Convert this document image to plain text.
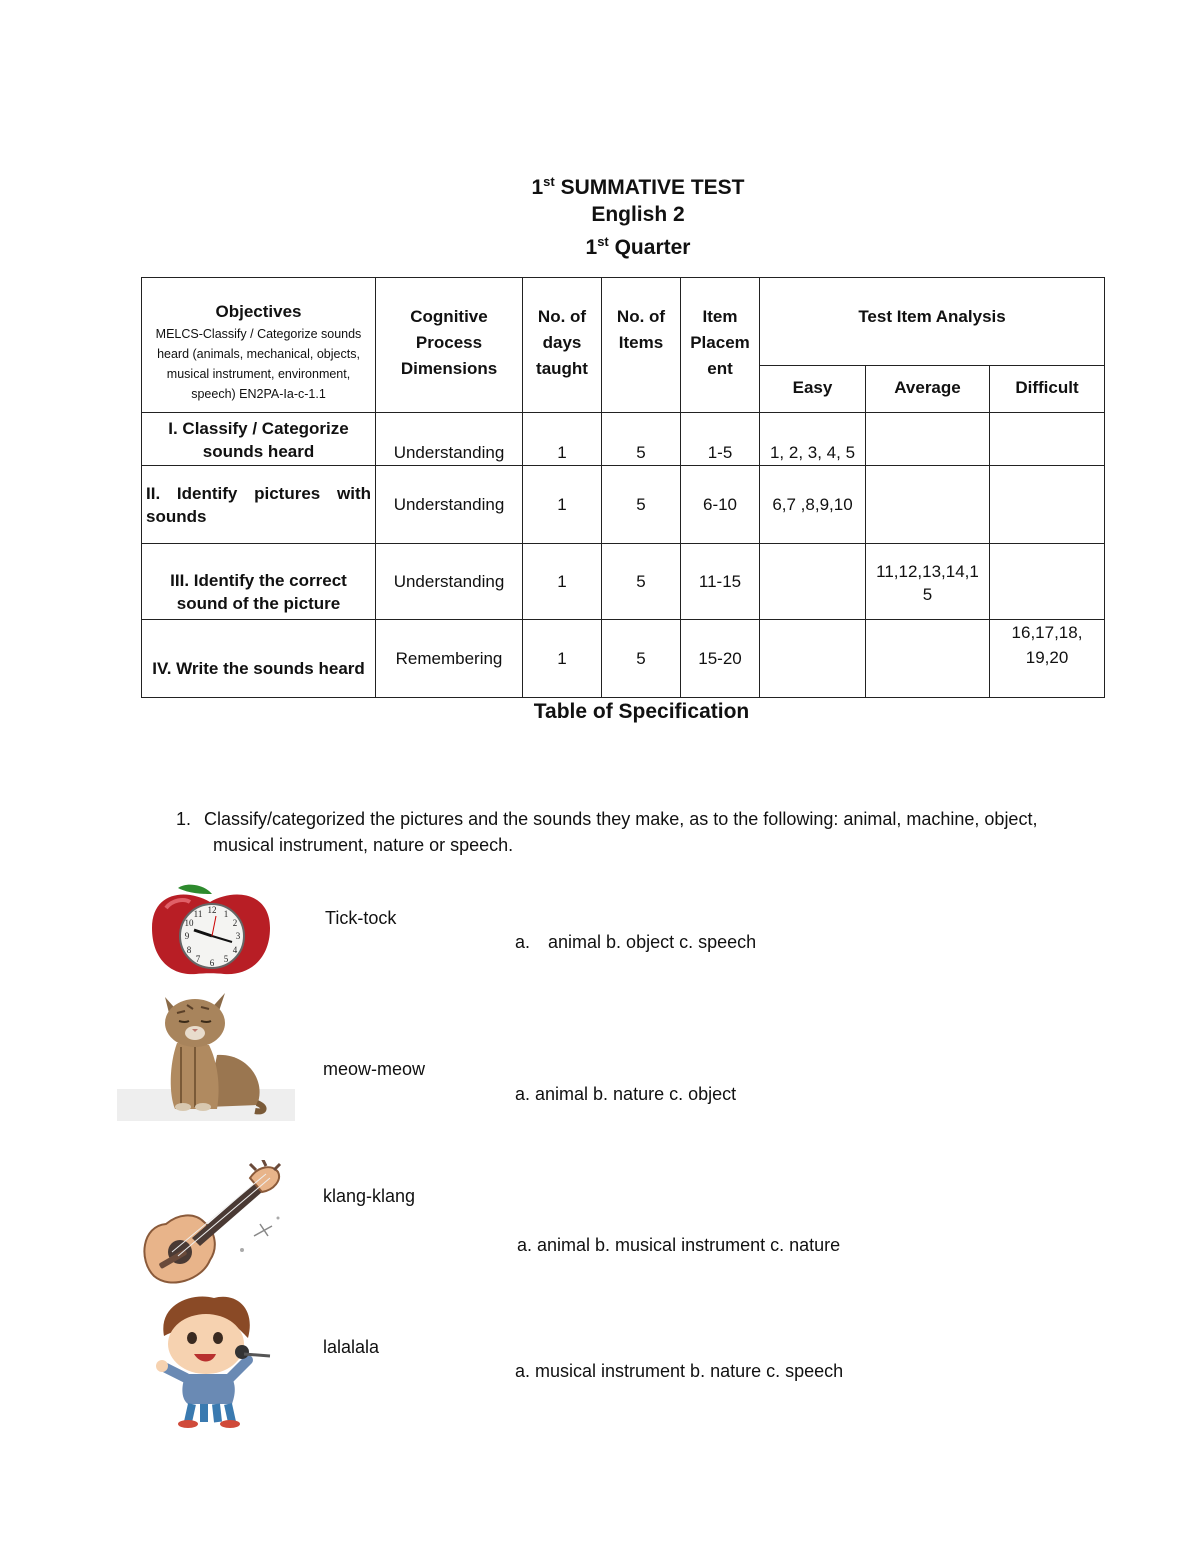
1st SUMMATIVE TEST
English 2
1st Quarter
Objectives
MELCS-Classify / Categorize sounds heard (animals, mechanical, objects, musical instrument, environment, speech) EN2PA-Ia-c-1.1	Cognitive Process Dimensions	No. of days taught	No. of Items	Item Placem ent	Test Item Analysis		
					Easy	Average	Difficult
I. Classify / Categorize sounds heard	Understanding	1	5	1-5	1, 2, 3, 4, 5		
II. Identify pictures with sounds	Understanding	1	5	6-10	6,7 ,8,9,10		
III. Identify the correct sound of the picture	Understanding	1	5	11-15		11,12,13,14,1 5	
IV. Write the sounds heard	Remembering	1	5	15-20			16,17,18, 19,20
Table of Specification
1. Classify/categorized the pictures and the sounds they make, as to the following: animal, machine, object,
musical instrument, nature or speech.
12
3
6
9
1
2
4
5
7
8
10
11	Tick-tock
a. animal b. object c. speech
meow-meow
a. animal b. nature c. object
klang-klang
a. animal b. musical instrument c. nature
lalalala
a. musical instrument b. nature c. speech
